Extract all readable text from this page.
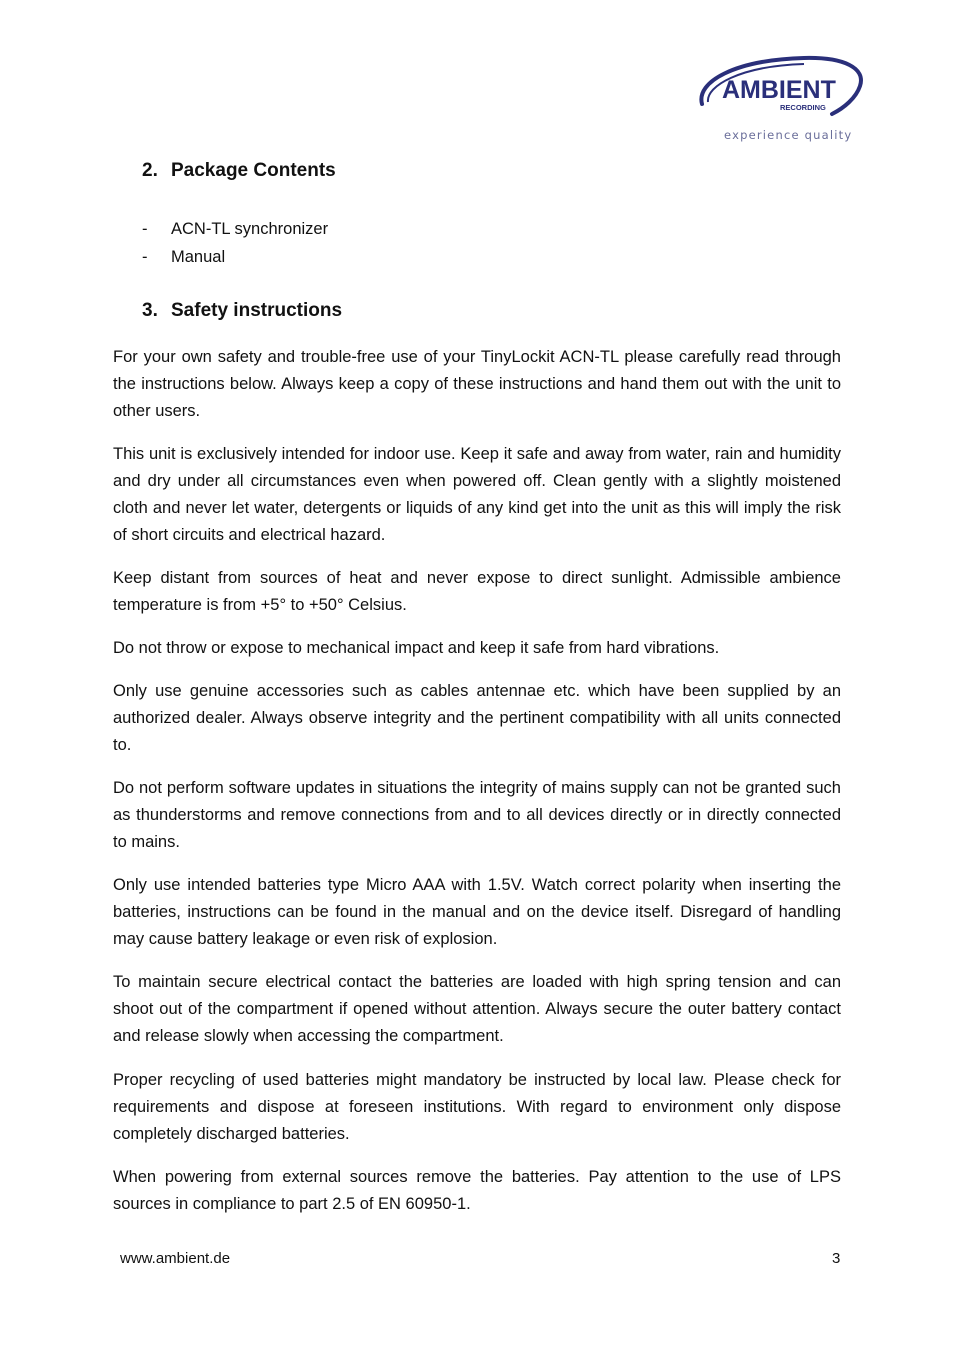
AMBIENT
RECORDING
experience quality
2. Package Contents
- ACN-TL synchronizer
- Manual
3. Safety instructions

For your own safety and trouble-free use of your TinyLockit ACN-TL please carefully read through the instructions below. Always keep a copy of these instructions and hand them out with the unit to other users.

This unit is exclusively intended for indoor use. Keep it safe and away from water, rain and humidity and dry under all circumstances even when powered off. Clean gently with a slightly moistened cloth and never let water, detergents or liquids of any kind get into the unit as this will imply the risk of short circuits and electrical hazard.

Keep distant from sources of heat and never expose to direct sunlight. Admissible ambience temperature is from +5° to +50° Celsius.

Do not throw or expose to mechanical impact and keep it safe from hard vibrations.

Only use genuine accessories such as cables antennae etc. which have been supplied by an authorized dealer. Always observe integrity and the pertinent compatibility with all units connected to.

Do not perform software updates in situations the integrity of mains supply can not be granted such as thunderstorms and remove connections from and to all devices directly or in directly connected to mains.

Only use intended batteries type Micro AAA with 1.5V. Watch correct polarity when inserting the batteries, instructions can be found in the manual and on the device itself. Disregard of handling may cause battery leakage or even risk of explosion.

To maintain secure electrical contact the batteries are loaded with high spring tension and can shoot out of the compartment if opened without attention. Always secure the outer battery contact and release slowly when accessing the compartment.

Proper recycling of used batteries might mandatory be instructed by local law. Please check for requirements and dispose at foreseen institutions. With regard to environment only dispose completely discharged batteries.

When powering from external sources remove the batteries. Pay attention to the use of LPS sources in compliance to part 2.5 of EN 60950-1.

www.ambient.de	3
